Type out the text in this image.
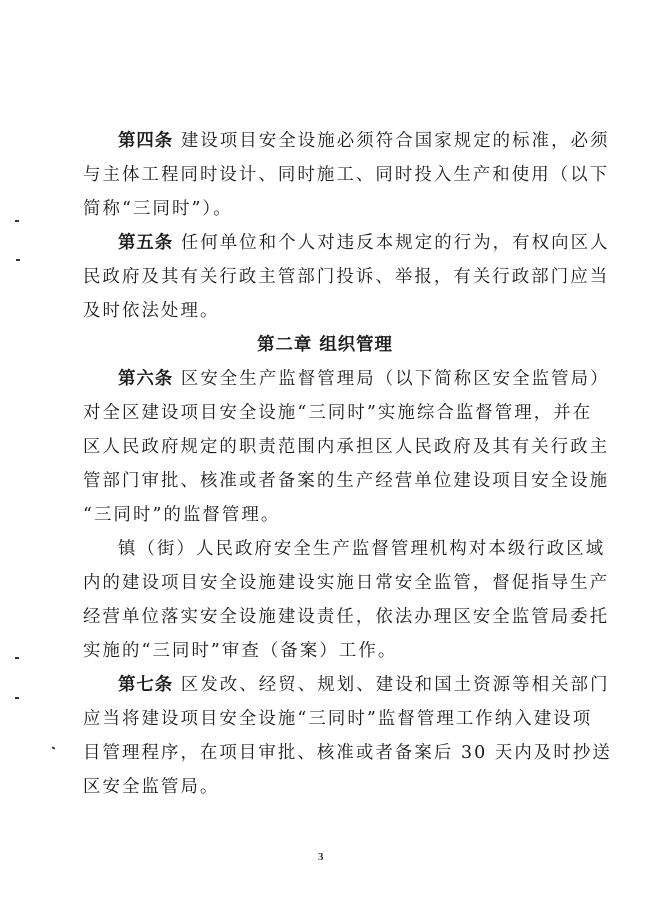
第四条 建设项目安全设施必须符合国家规定的标准，必须
与主体工程同时设计、同时施工、同时投入生产和使用（以下
简称“三同时”）。
第五条 任何单位和个人对违反本规定的行为，有权向区人
民政府及其有关行政主管部门投诉、举报，有关行政部门应当
及时依法处理。
第二章 组织管理
第六条 区安全生产监督管理局（以下简称区安全监管局）
对全区建设项目安全设施“三同时”实施综合监督管理，并在
区人民政府规定的职责范围内承担区人民政府及其有关行政主
管部门审批、核准或者备案的生产经营单位建设项目安全设施
“三同时”的监督管理。
镇（街）人民政府安全生产监督管理机构对本级行政区域
内的建设项目安全设施建设实施日常安全监管，督促指导生产
经营单位落实安全设施建设责任，依法办理区安全监管局委托
实施的“三同时”审查（备案）工作。
第七条 区发改、经贸、规划、建设和国土资源等相关部门
应当将建设项目安全设施“三同时”监督管理工作纳入建设项
目管理程序，在项目审批、核准或者备案后 30 天内及时抄送
区安全监管局。
3
